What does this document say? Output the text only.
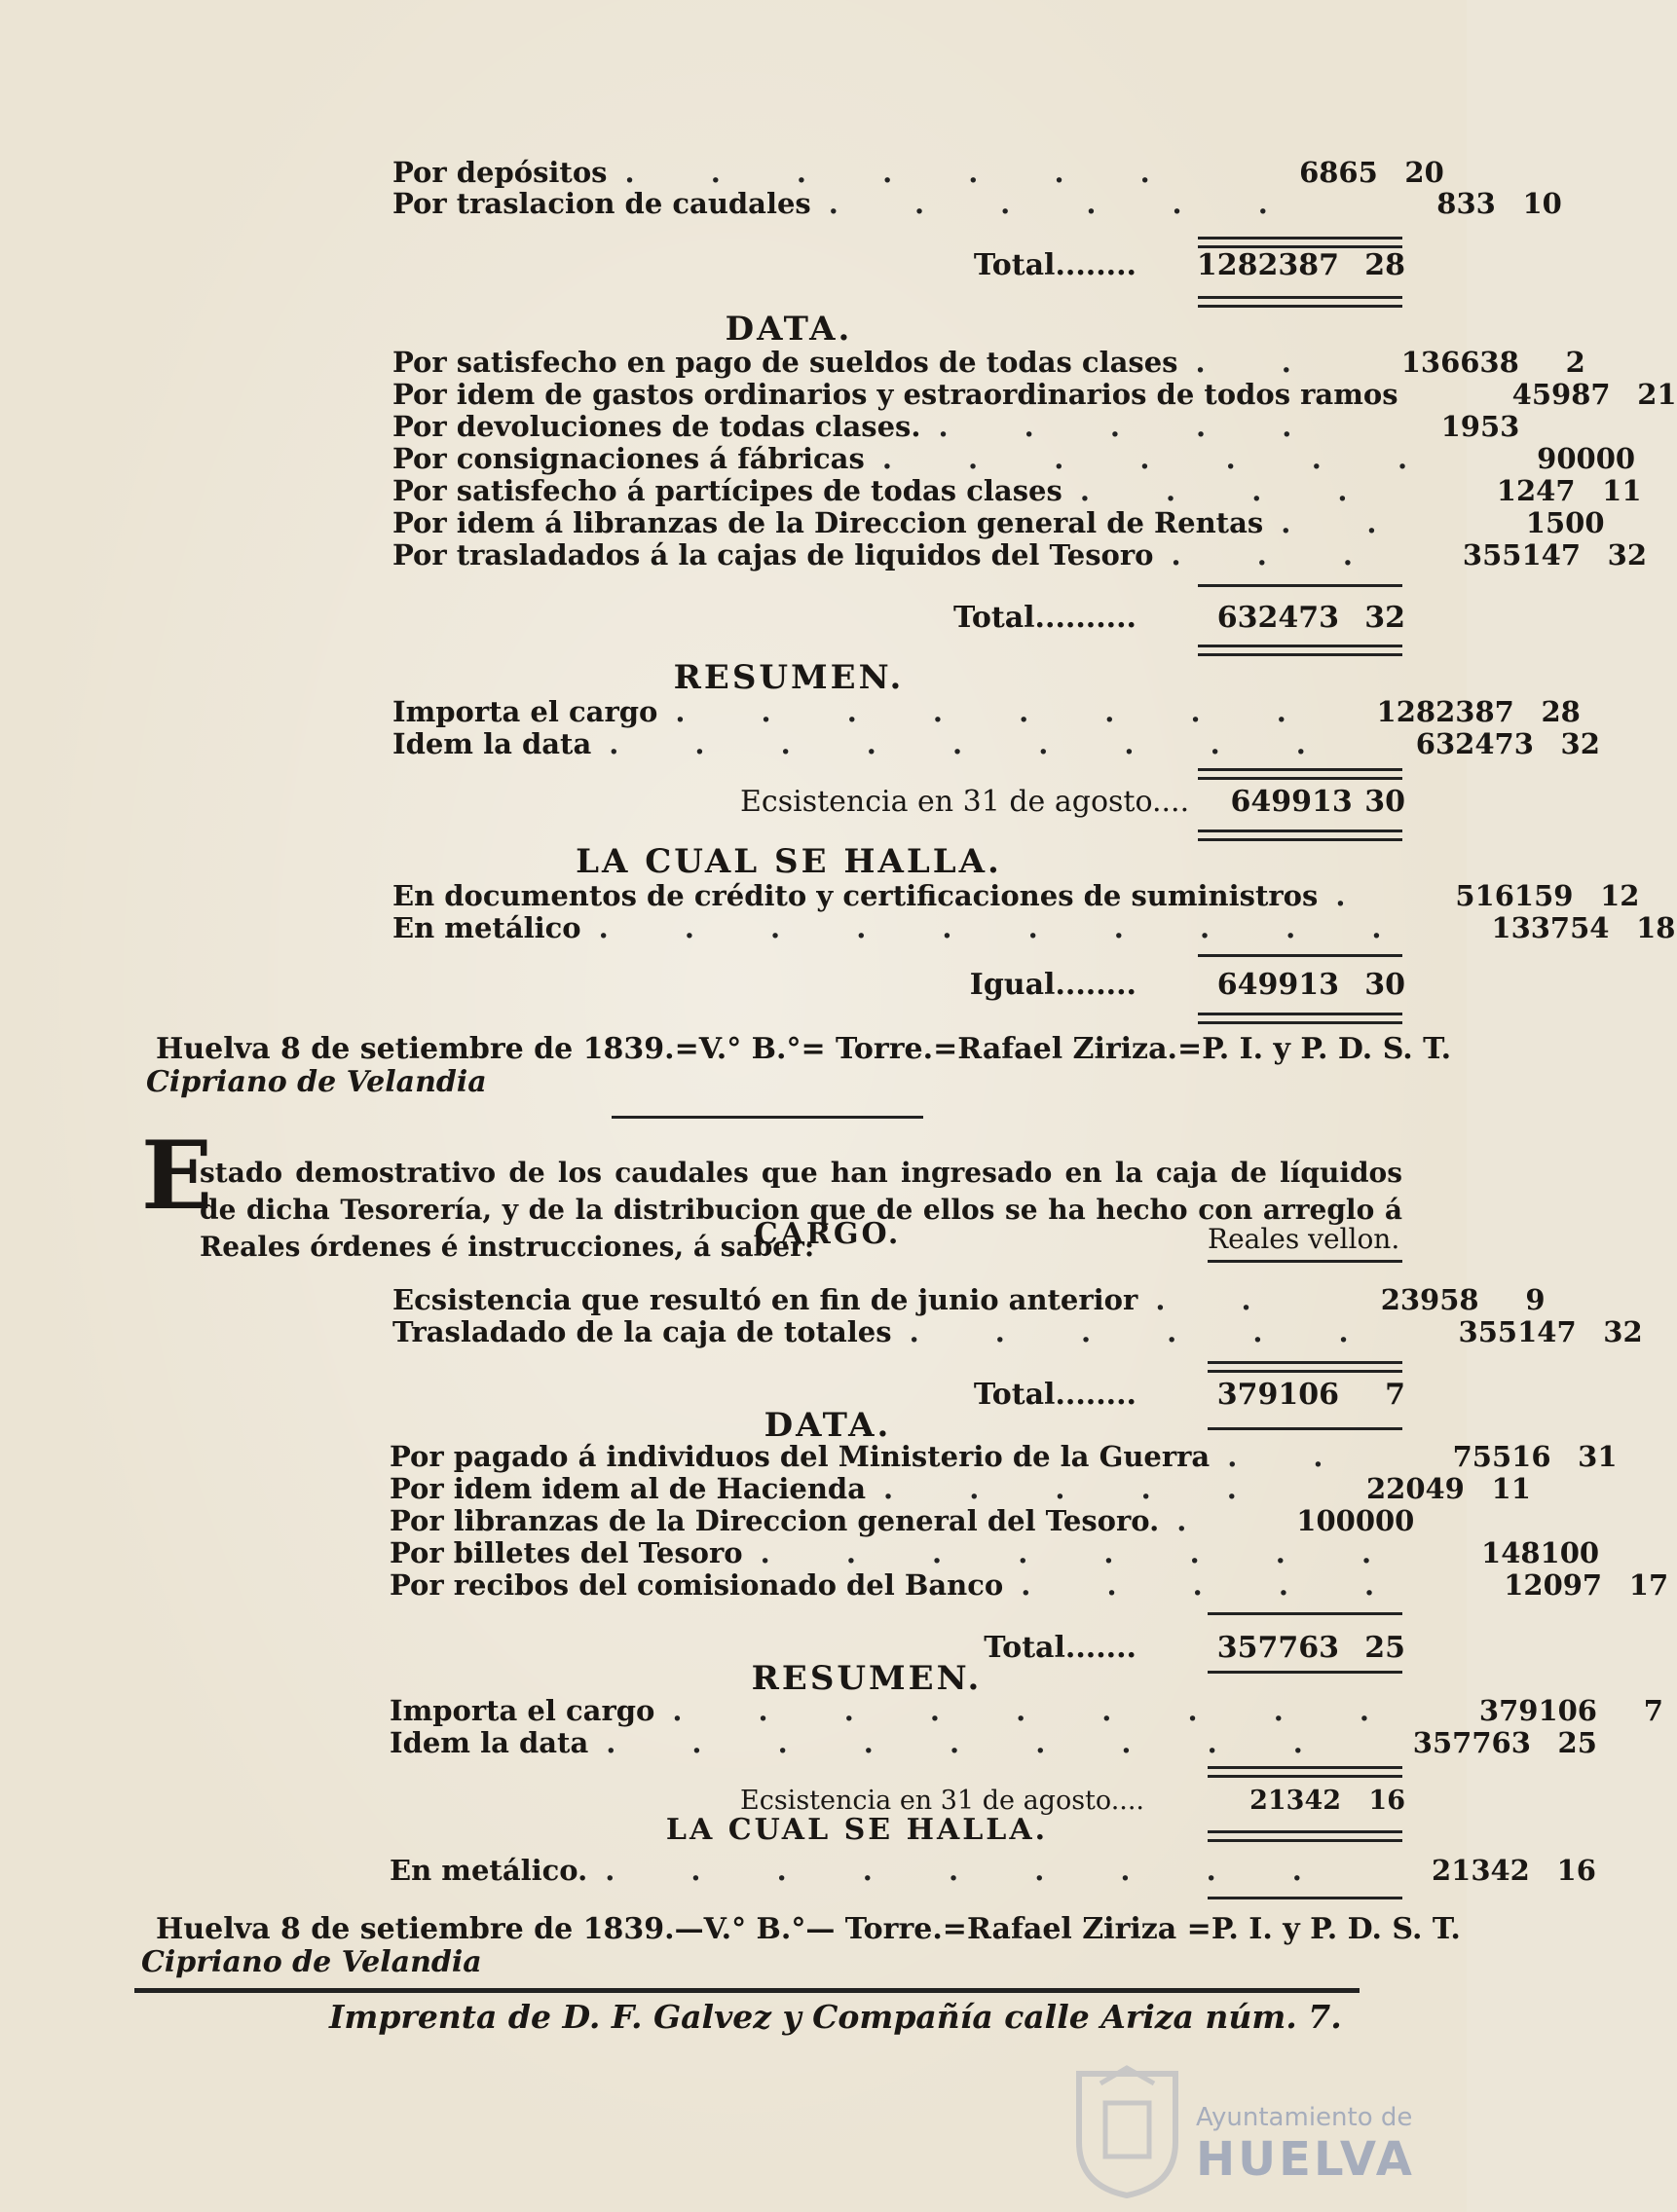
Por depósitos . . . . . . .	6865 20
Por traslacion de caudales . . . . . .	833 10
Total........	1282387 28
DATA.
Por satisfecho en pago de sueldos de todas clases . .	136638	2
Por idem de gastos ordinarios y estraordinarios de todos ramos	45987 21
Por devoluciones de todas clases. . . . . .	1953
Por consignaciones á fábricas . . . . . . .	90000
Por satisfecho á partícipes de todas clases . . . .	1247 11
Por idem á libranzas de la Direccion general de Rentas . .	1500
Por trasladados á la cajas de liquidos del Tesoro . . .	355147 32
Total..........	632473 32
RESUMEN.
Importa el cargo . . . . . . . .	1282387 28
Idem la data . . . . . . . . .	632473 32
Ecsistencia en 31 de agosto....	649913 30
LA CUAL SE HALLA.
En documentos de crédito y certificaciones de suministros .	516159 12
En metálico . . . . . . . . . .	133754 18
Igual........	649913 30
Huelva 8 de setiembre de 1839.=V.° B.°= Torre.=Rafael Ziriza.=P. I. y P. D. S. T.
Cipriano de Velandia
E
stado demostrativo de los caudales que han ingresado en la caja de líquidos de dicha Tesorería, y de la distribucion que de ellos se ha hecho con arreglo á Reales órdenes é instrucciones, á saber:
CARGO.	Reales vellon.
Ecsistencia que resultó en fin de junio anterior . .	23958	9
Trasladado de la caja de totales . . . . . .	355147 32
Total........	379106	7
DATA.
Por pagado á individuos del Ministerio de la Guerra . .	75516 31
Por idem idem al de Hacienda . . . . .	22049 11
Por libranzas de la Direccion general del Tesoro. .	100000
Por billetes del Tesoro . . . . . . . .	148100
Por recibos del comisionado del Banco . . . . .	12097 17
Total.......	357763 25
RESUMEN.
Importa el cargo . . . . . . . . .	379106	7
Idem la data . . . . . . . . .	357763 25
Ecsistencia en 31 de agosto....	21342	16
LA CUAL SE HALLA.
En metálico. . . . . . . . . .	21342 16
Huelva 8 de setiembre de 1839.—V.° B.°— Torre.=Rafael Ziriza =P. I. y P. D. S. T.
Cipriano de Velandia
Imprenta de D. F. Galvez y Compañía calle Ariza núm. 7.
Ayuntamiento de
HUELVA
